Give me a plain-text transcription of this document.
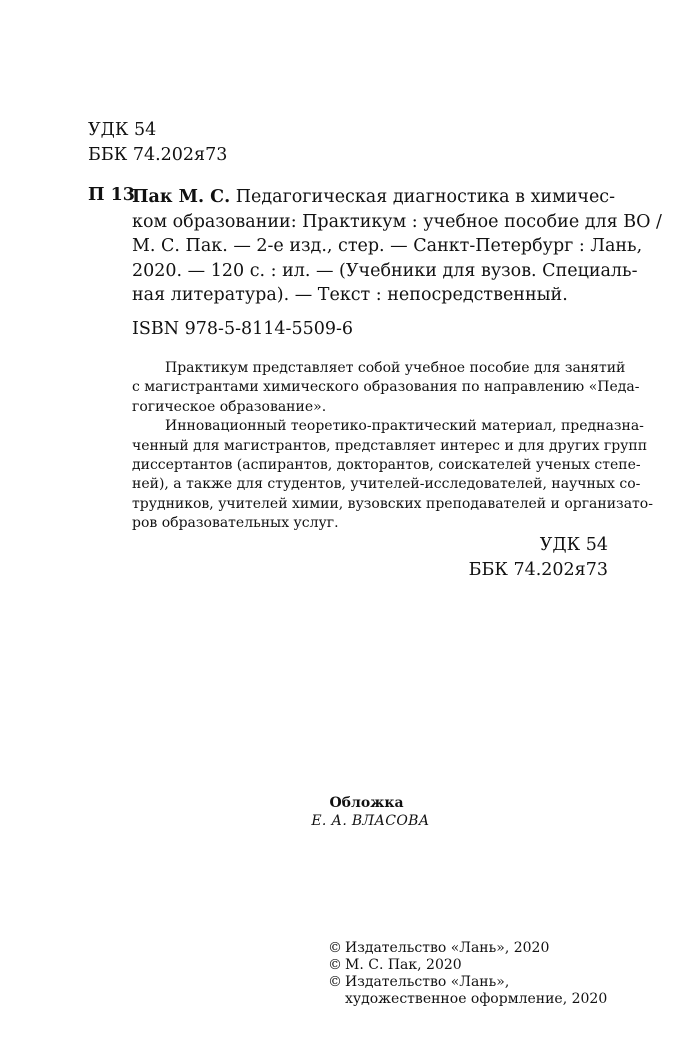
УДК 54
ББК 74.202я73
П 13
Пак М. С. Педагогическая диагностика в химичес-
ком образовании: Практикум : учебное пособие для ВО /
М. С. Пак. — 2-е изд., стер. — Санкт-Петербург : Лань,
2020. — 120 с. : ил. — (Учебники для вузов. Специаль-
ная литература). — Текст : непосредственный.
ISBN 978-5-8114-5509-6
Практикум представляет собой учебное пособие для занятий
с магистрантами химического образования по направлению «Педа-
гогическое образование».
Инновационный теоретико-практический материал, предназна-
ченный для магистрантов, представляет интерес и для других групп
диссертантов (аспирантов, докторантов, соискателей ученых степе-
ней), а также для студентов, учителей-исследователей, научных со-
трудников, учителей химии, вузовских преподавателей и организато-
ров образовательных услуг.
УДК 54
ББК 74.202я73
Обложка
Е. А. ВЛАСОВА
© Издательство «Лань», 2020
© М. С. Пак, 2020
© Издательство «Лань»,
художественное оформление, 2020
